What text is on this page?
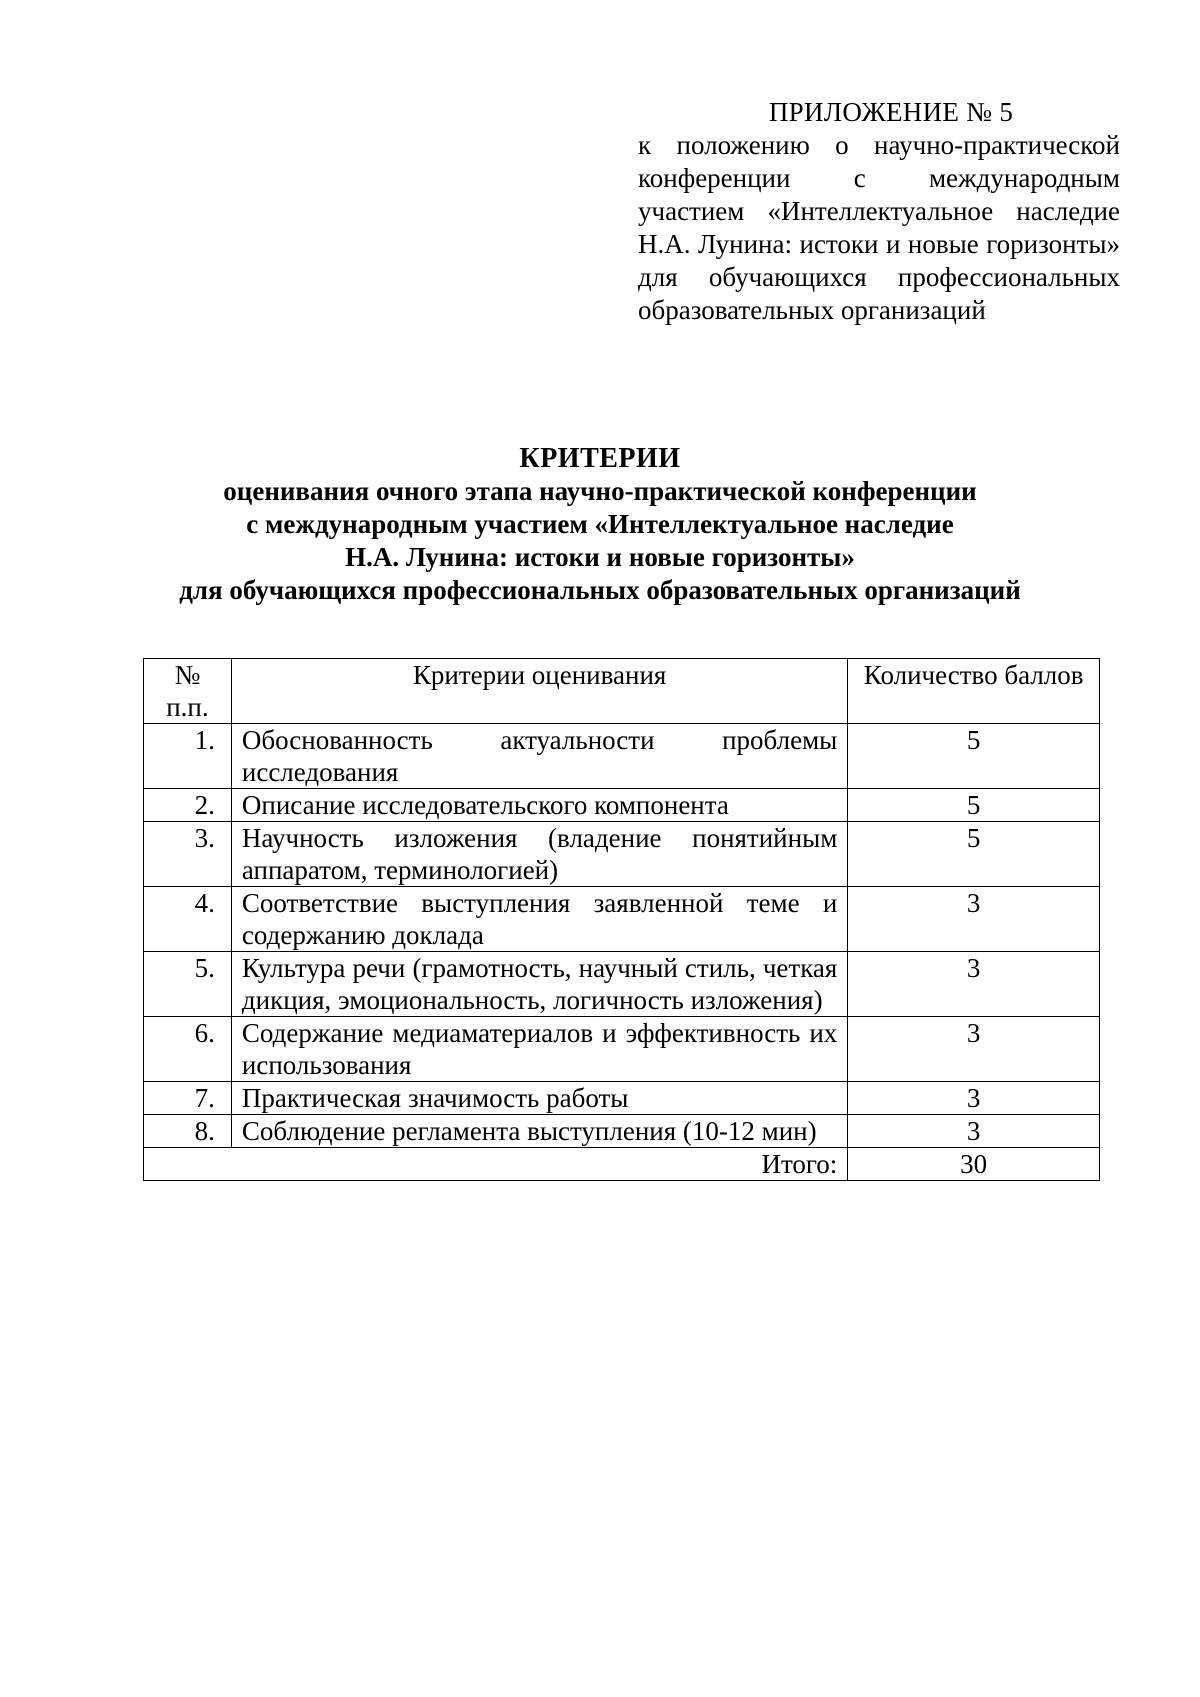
ПРИЛОЖЕНИЕ № 5
к положению о научно-практической конференции с международным участием «Интеллектуальное наследие Н.А. Лунина: истоки и новые горизонты» для обучающихся профессиональных образовательных организаций
КРИТЕРИИ
оценивания очного этапа научно-практической конференции
с международным участием «Интеллектуальное наследие
Н.А. Лунина: истоки и новые горизонты»
для обучающихся профессиональных образовательных организаций
№ п.п.	Критерии оценивания	Количество баллов
1.	Обоснованность актуальности проблемы исследования	5
2.	Описание исследовательского компонента	5
3.	Научность изложения (владение понятийным аппаратом, терминологией)	5
4.	Соответствие выступления заявленной теме и содержанию доклада	3
5.	Культура речи (грамотность, научный стиль, четкая дикция, эмоциональность, логичность изложения)	3
6.	Содержание медиаматериалов и эффективность их использования	3
7.	Практическая значимость работы	3
8.	Соблюдение регламента выступления (10-12 мин)	3
Итого:		30
